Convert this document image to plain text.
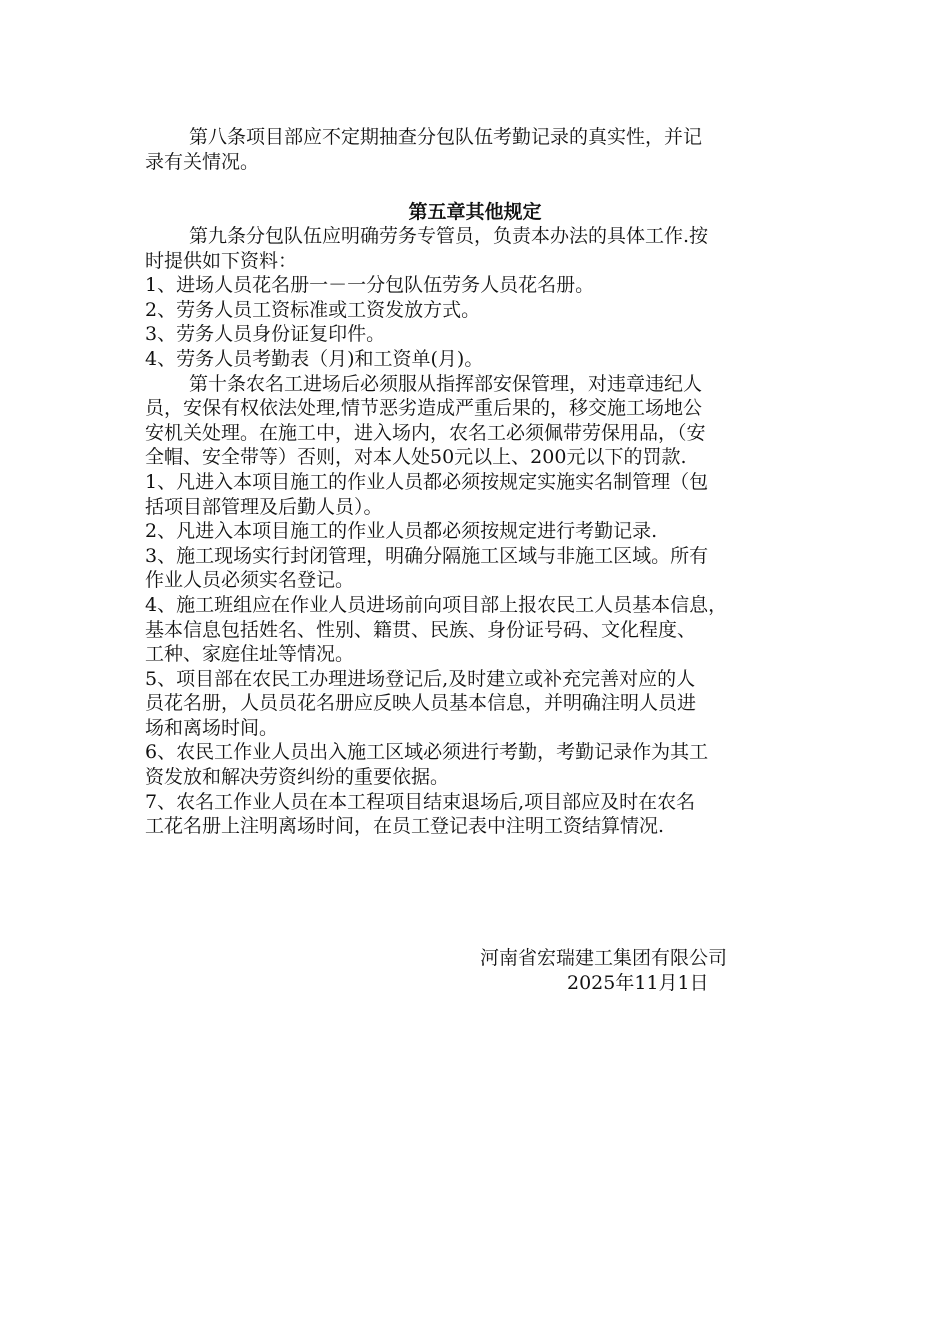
第八条项目部应不定期抽查分包队伍考勤记录的真实性，并记
录有关情况。
第五章其他规定
第九条分包队伍应明确劳务专管员，负责本办法的具体工作.按
时提供如下资料：
1、进场人员花名册一－一分包队伍劳务人员花名册。
2、劳务人员工资标准或工资发放方式。
3、劳务人员身份证复印件。
4、劳务人员考勤表（月)和工资单(月)。
第十条农名工进场后必须服从指挥部安保管理，对违章违纪人
员，安保有权依法处理,情节恶劣造成严重后果的，移交施工场地公
安机关处理。在施工中，进入场内，农名工必须佩带劳保用品，（安
全帽、安全带等）否则，对本人处50元以上、200元以下的罚款.
1、凡进入本项目施工的作业人员都必须按规定实施实名制管理（包
括项目部管理及后勤人员）。
2、凡进入本项目施工的作业人员都必须按规定进行考勤记录.
3、施工现场实行封闭管理，明确分隔施工区域与非施工区域。所有
作业人员必须实名登记。
4、施工班组应在作业人员进场前向项目部上报农民工人员基本信息，
基本信息包括姓名、性别、籍贯、民族、身份证号码、文化程度、
工种、家庭住址等情况。
5、项目部在农民工办理进场登记后,及时建立或补充完善对应的人
员花名册，人员员花名册应反映人员基本信息，并明确注明人员进
场和离场时间。
6、农民工作业人员出入施工区域必须进行考勤，考勤记录作为其工
资发放和解决劳资纠纷的重要依据。
7、农名工作业人员在本工程项目结束退场后,项目部应及时在农名
工花名册上注明离场时间，在员工登记表中注明工资结算情况.
河南省宏瑞建工集团有限公司
2025年11月1日
